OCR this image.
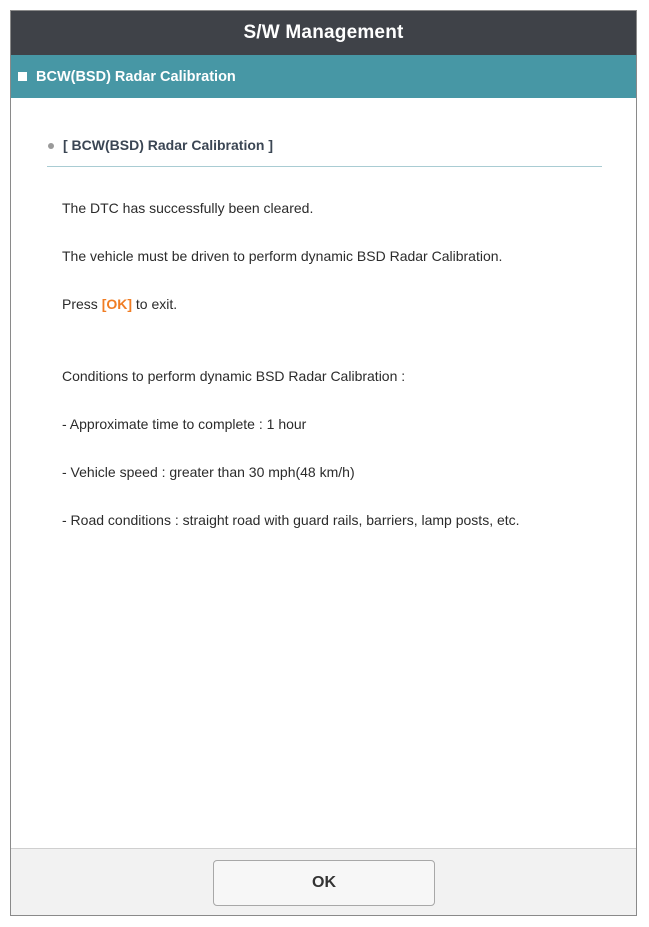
S/W Management
BCW(BSD) Radar Calibration
[ BCW(BSD) Radar Calibration ]
The DTC has successfully been cleared.
The vehicle must be driven to perform dynamic BSD Radar Calibration.
Press [OK] to exit.
Conditions to perform dynamic BSD Radar Calibration :
- Approximate time to complete : 1 hour
- Vehicle speed : greater than 30 mph(48 km/h)
- Road conditions : straight road with guard rails, barriers, lamp posts, etc.
OK
